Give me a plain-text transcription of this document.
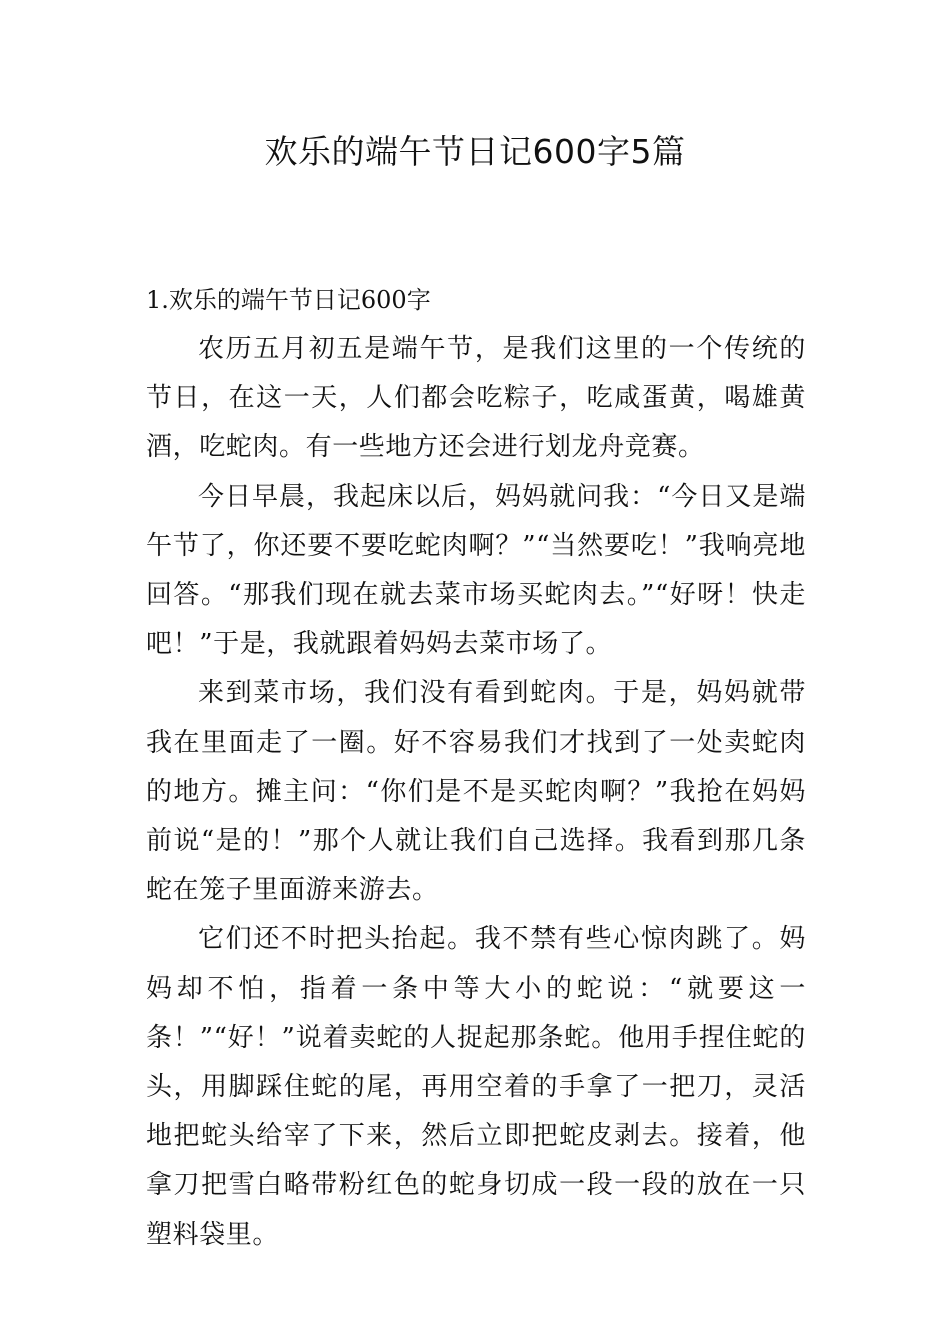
欢乐的端午节日记600字5篇
1.欢乐的端午节日记600字

农历五月初五是端午节，是我们这里的一个传统的节日，在这一天，人们都会吃粽子，吃咸蛋黄，喝雄黄酒，吃蛇肉。有一些地方还会进行划龙舟竞赛。

今日早晨，我起床以后，妈妈就问我：“今日又是端午节了，你还要不要吃蛇肉啊？”“当然要吃！”我响亮地回答。“那我们现在就去菜市场买蛇肉去。”“好呀！快走吧！”于是，我就跟着妈妈去菜市场了。

来到菜市场，我们没有看到蛇肉。于是，妈妈就带我在里面走了一圈。好不容易我们才找到了一处卖蛇肉的地方。摊主问：“你们是不是买蛇肉啊？”我抢在妈妈前说“是的！”那个人就让我们自己选择。我看到那几条蛇在笼子里面游来游去。

它们还不时把头抬起。我不禁有些心惊肉跳了。妈妈却不怕，指着一条中等大小的蛇说：“就要这一条！”“好！”说着卖蛇的人捉起那条蛇。他用手捏住蛇的头，用脚踩住蛇的尾，再用空着的手拿了一把刀，灵活地把蛇头给宰了下来，然后立即把蛇皮剥去。接着，他拿刀把雪白略带粉红色的蛇身切成一段一段的放在一只塑料袋里。
